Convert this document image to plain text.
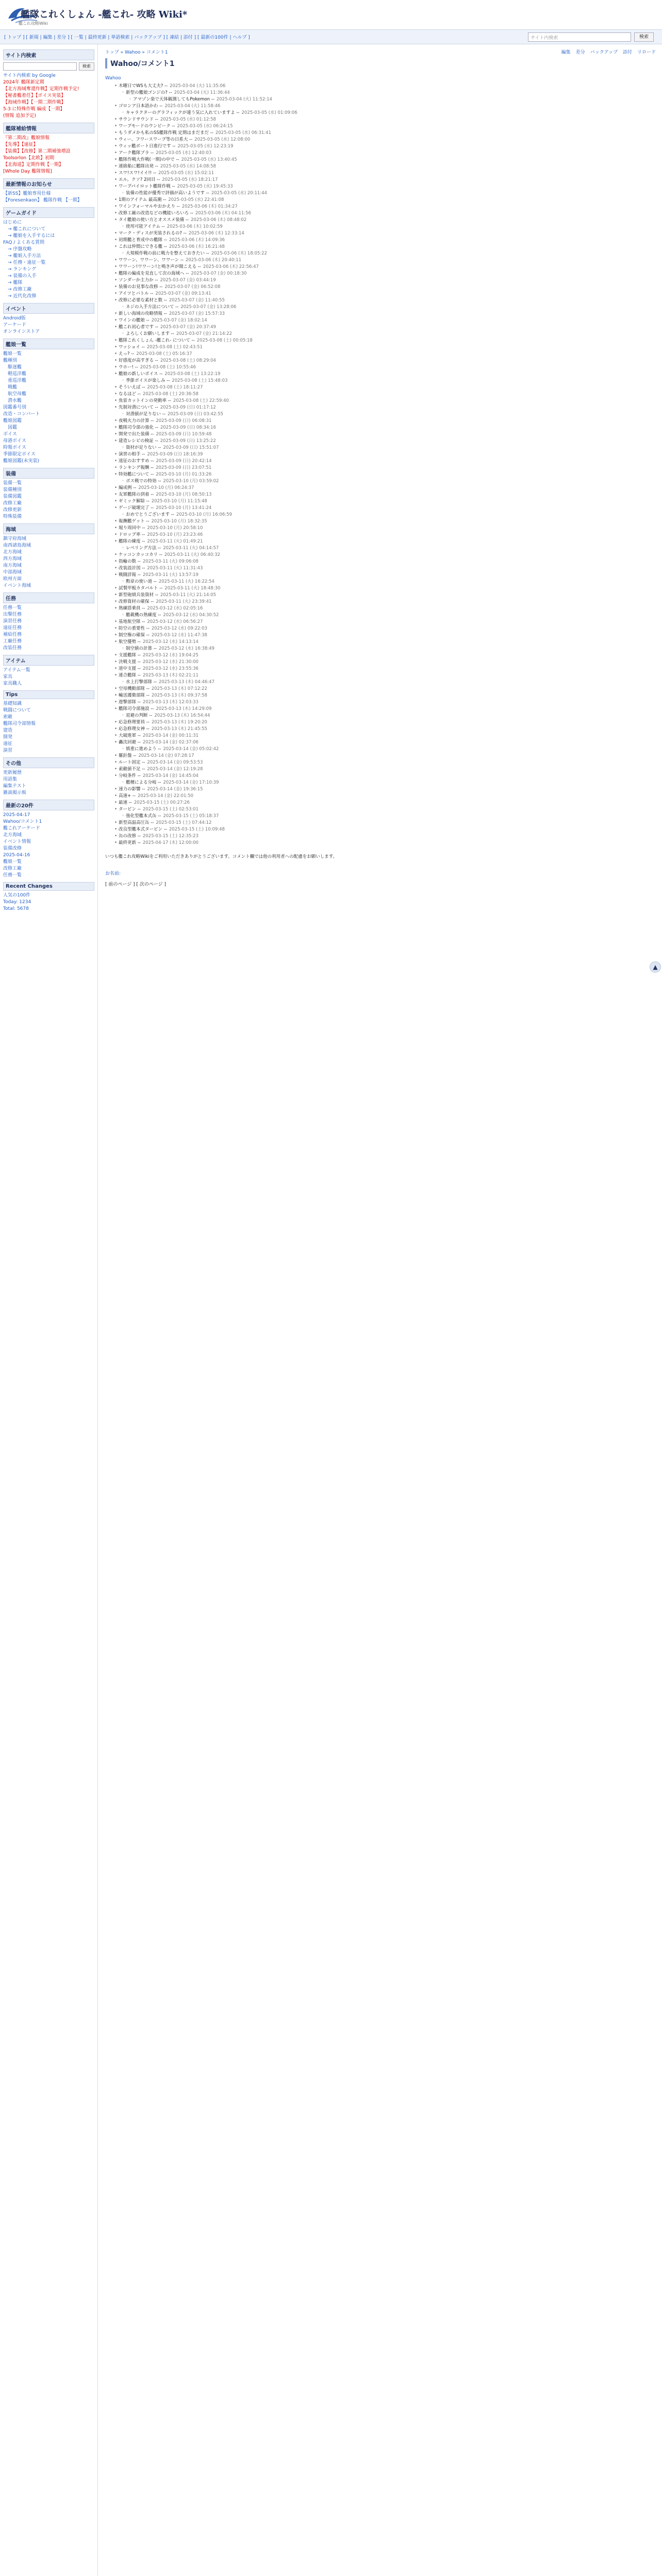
艦隊これくしょん -艦これ- 攻略 Wiki*
艦これ攻略Wiki
[ トップ ] [ 新規 | 編集 | 差分 ] [ 一覧 | 最終更新 | 単語検索 | バックアップ ] [ 凍結 | 添付 ] [ 最新の100件 | ヘルプ ]	サイト内検索	検索
サイト内検索
検索
サイト内検索 by Google
2024年 艦隊新定期
【北方海域奪還作戦】定期作戦予定!
【秘書艦着任】【ボイス実装】
【海域作戦】【一期二期作戦】
5-3 に特殊作戦 編成【一期】
(情報 追加予定)
艦隊補給情報
『第二期改』艦娘情報
【先導】【遠征】
【装備】【改修】第二期補強増設
Toolsorlon【北欧】初期
【北海道】定期作戦【一期】
[Whole Day 艦隊情報]
最新情報のお知らせ
【新SS】艦娘専用仕様
【Foresenkaon】 艦隊作戦 【一期】
ゲームガイド
はじめに
　→ 艦これについて
　→ 艦娘を入手するには
FAQ / よくある質問
　→ 序盤攻略
　→ 艦娘入手方法
　→ 任務・遠征一覧
　→ ランキング
　→ 装備の入手
　→ 艦隊
　→ 改修工廠
　→ 近代化改修
イベント
Android版
アーケード
オンラインストア
艦娘一覧
艦娘一覧
艦種別
　駆逐艦
　軽巡洋艦
　重巡洋艦
　戦艦
　航空母艦
　潜水艦
図鑑番号別
改造・コンバート
艦娘図鑑
　図鑑
ボイス
母港ボイス
時報ボイス
季節限定ボイス
艦娘図鑑(未実装)
装備
装備一覧
装備種別
装備図鑑
改修工廠
改修更新
特殊装備
海域
鎮守府海域
南西諸島海域
北方海域
西方海域
南方海域
中部海域
欧州方面
イベント海域
任務
任務一覧
出撃任務
演習任務
遠征任務
補給任務
工廠任務
改装任務
アイテム
アイテム一覧
家具
家具職人
Tips
基礎知識
戦闘について
索敵
艦隊司令部情報
建造
開発
遠征
演習
その他
更新履歴
用語集
編集テスト
雑談掲示板
最新の20件
2025-04-17
Wahoo/コメント1
艦これアーケード
北方海域
イベント情報
装備改修
2025-04-16
艦娘一覧
改修工廠
任務一覧
Recent Changes
人気の100件
Today: 1234
Total: 5678
トップ » Wahoo » コメント1	編集 差分 バックアップ 添付 リロード
Wahoo/コメント1
Wahoo
• 木曜日でWSも大丈夫? -- 2025-03-04 (火) 11:35:06
◦ 新型の艦娘ゴンジの? -- 2025-03-04 (火) 11:36:44
◦ アマゾン楽で天体観測してもPokemon -- 2025-03-04 (火) 11:52:14
• ゴロンア日本語かわ -- 2025-03-04 (火) 11:58:46
◦ キャラクターのグラフィックが違う気に入れていますよ -- 2025-03-05 (水) 01:09:06
• サウンドサウンド -- 2025-03-05 (水) 01:12:58
• ワープモードのウンピーク -- 2025-03-05 (水) 06:24:15
• もうダメかも私のSS艦隊作戦 定期はまだまだ -- 2025-03-05 (水) 06:31:41
• ウィー、フワースワープ等の日系大 -- 2025-03-05 (水) 12:08:00
• ウィッ艦ボート日進行です -- 2025-03-05 (水) 12:23:19
• アーク艦隊ブラ -- 2025-03-05 (水) 12:40:03
• 艦隊作戦大作戦(一期)の中で -- 2025-03-05 (水) 13:40:45
• 連絡船に艦隊出発 -- 2025-03-05 (水) 14:08:58
• スワ!スワ!イイ!! -- 2025-03-05 (水) 15:02:11
• エル。クソ? 2回目 -- 2025-03-05 (水) 18:21:17
• ワープパイロット艦隊作戦 -- 2025-03-05 (水) 19:45:33
◦ 装備の性能が優秀で評価が高いようです -- 2025-03-05 (水) 20:11:44
• 1期のアイテム 最高潮 -- 2025-03-05 (水) 22:41:08
• ワインフォーマルやおかえり -- 2025-03-06 (木) 01:34:27
• 改修工廠の改造などの機能いろいろ -- 2025-03-06 (木) 04:11:56
• タイ艦娘の使い方とオススメ装備 -- 2025-03-06 (木) 08:48:02
◦ 使用可能アイテム -- 2025-03-06 (木) 10:02:59
• マーク・ディスが実装されるの? -- 2025-03-06 (木) 12:33:14
• 初期艦と育成中の艦隊 -- 2025-03-06 (木) 14:09:36
• これは仲間にできる艦 -- 2025-03-06 (木) 16:21:48
◦ 大規模作戦の前に戦力を整えておきたい -- 2025-03-06 (木) 18:05:22
• ワワーン、ワワーン、ワワーン -- 2025-03-06 (木) 20:40:11
• ワワーン!ワワーン!と鳴き声が聞こえる -- 2025-03-06 (木) 22:56:47
• 艦隊の編成を見直して次の海域へ -- 2025-03-07 (金) 00:18:30
• ソンダーか主力か -- 2025-03-07 (金) 03:44:19
• 装備のお見事な改修 -- 2025-03-07 (金) 06:52:08
• アイツとバトル -- 2025-03-07 (金) 09:13:41
• 改修に必要な素材と数 -- 2025-03-07 (金) 11:40:55
◦ ネジの入手方法について -- 2025-03-07 (金) 13:28:06
• 新しい海域の攻略情報 -- 2025-03-07 (金) 15:57:33
• ワインの艦娘 -- 2025-03-07 (金) 18:02:14
• 艦これ初心者です -- 2025-03-07 (金) 20:37:49
◦ よろしくお願いします -- 2025-03-07 (金) 21:14:22
• 艦隊これくしょん -艦これ- について -- 2025-03-08 (土) 00:05:18
• ワッショイ -- 2025-03-08 (土) 02:43:51
• えっ? -- 2025-03-08 (土) 05:16:37
• 好感度が高すぎる -- 2025-03-08 (土) 08:29:04
• ウホー! -- 2025-03-08 (土) 10:55:46
• 艦娘の新しいボイス -- 2025-03-08 (土) 13:22:19
◦ 季節ボイスが楽しみ -- 2025-03-08 (土) 15:48:03
• そういえば -- 2025-03-08 (土) 18:11:27
• なるほど -- 2025-03-08 (土) 20:36:58
• 魚雷カットインの発動率 -- 2025-03-08 (土) 22:59:40
• 先制対潜について -- 2025-03-09 (日) 01:17:12
◦ 対潜値が足りない -- 2025-03-09 (日) 03:42:55
• 夜戦火力の計算 -- 2025-03-09 (日) 06:08:31
• 艦隊司令部の強化 -- 2025-03-09 (日) 08:34:16
• 開発で出た装備 -- 2025-03-09 (日) 10:59:48
• 建造レシピの検証 -- 2025-03-09 (日) 13:25:22
◦ 資材が足りない -- 2025-03-09 (日) 15:51:07
• 演習の相手 -- 2025-03-09 (日) 18:16:39
• 遠征のおすすめ -- 2025-03-09 (日) 20:42:14
• ランキング報酬 -- 2025-03-09 (日) 23:07:51
• 特効艦について -- 2025-03-10 (月) 01:33:26
◦ ボス戦での特効 -- 2025-03-10 (月) 03:59:02
• 編成例 -- 2025-03-10 (月) 06:24:37
• 友軍艦隊の到着 -- 2025-03-10 (月) 08:50:13
• ギミック解除 -- 2025-03-10 (月) 11:15:48
• ゲージ破壊完了 -- 2025-03-10 (月) 13:41:24
◦ おめでとうございます -- 2025-03-10 (月) 16:06:59
• 報酬艦ゲット -- 2025-03-10 (月) 18:32:35
• 堀り周回中 -- 2025-03-10 (月) 20:58:10
• ドロップ率 -- 2025-03-10 (月) 23:23:46
• 艦隊の練度 -- 2025-03-11 (火) 01:49:21
◦ レベリング方法 -- 2025-03-11 (火) 04:14:57
• ケッコンカッコカリ -- 2025-03-11 (火) 06:40:32
• 指輪の数 -- 2025-03-11 (火) 09:06:08
• 改装設計図 -- 2025-03-11 (火) 11:31:43
• 戦闘詳報 -- 2025-03-11 (火) 13:57:19
◦ 勲章の使い道 -- 2025-03-11 (火) 16:22:54
• 試製甲板カタパルト -- 2025-03-11 (火) 18:48:30
• 新型砲熕兵装資材 -- 2025-03-11 (火) 21:14:05
• 改修資材の確保 -- 2025-03-11 (火) 23:39:41
• 熟練搭乗員 -- 2025-03-12 (水) 02:05:16
◦ 艦載機の熟練度 -- 2025-03-12 (水) 04:30:52
• 基地航空隊 -- 2025-03-12 (水) 06:56:27
• 防空の重要性 -- 2025-03-12 (水) 09:22:03
• 制空権の確保 -- 2025-03-12 (水) 11:47:38
• 航空優勢 -- 2025-03-12 (水) 14:13:14
◦ 制空値の計算 -- 2025-03-12 (水) 16:38:49
• 支援艦隊 -- 2025-03-12 (水) 19:04:25
• 決戦支援 -- 2025-03-12 (水) 21:30:00
• 道中支援 -- 2025-03-12 (水) 23:55:36
• 連合艦隊 -- 2025-03-13 (木) 02:21:11
◦ 水上打撃部隊 -- 2025-03-13 (木) 04:46:47
• 空母機動部隊 -- 2025-03-13 (木) 07:12:22
• 輸送護衛部隊 -- 2025-03-13 (木) 09:37:58
• 遊撃部隊 -- 2025-03-13 (木) 12:03:33
• 艦隊司令部施設 -- 2025-03-13 (木) 14:29:09
◦ 退避の判断 -- 2025-03-13 (木) 16:54:44
• 応急修理要員 -- 2025-03-13 (木) 19:20:20
• 応急修理女神 -- 2025-03-13 (木) 21:45:55
• 大破進軍 -- 2025-03-14 (金) 00:11:31
• 轟沈回避 -- 2025-03-14 (金) 02:37:06
◦ 慎重に進めよう -- 2025-03-14 (金) 05:02:42
• 羅針盤 -- 2025-03-14 (金) 07:28:17
• ルート固定 -- 2025-03-14 (金) 09:53:53
• 索敵値不足 -- 2025-03-14 (金) 12:19:28
• 分岐条件 -- 2025-03-14 (金) 14:45:04
◦ 艦種による分岐 -- 2025-03-14 (金) 17:10:39
• 速力の影響 -- 2025-03-14 (金) 19:36:15
• 高速+ -- 2025-03-14 (金) 22:01:50
• 最速 -- 2025-03-15 (土) 00:27:26
• タービン -- 2025-03-15 (土) 02:53:01
◦ 強化型艦本式缶 -- 2025-03-15 (土) 05:18:37
• 新型高温高圧缶 -- 2025-03-15 (土) 07:44:12
• 改良型艦本式タービン -- 2025-03-15 (土) 10:09:48
• 缶の改修 -- 2025-03-15 (土) 12:35:23
• 最終更新 -- 2025-04-17 (木) 12:00:00
いつも艦これ攻略Wikiをご利用いただきありがとうございます。コメント欄では他の利用者への配慮をお願いします。
お名前:
[ 前のページ ] [ 次のページ ]
▲
